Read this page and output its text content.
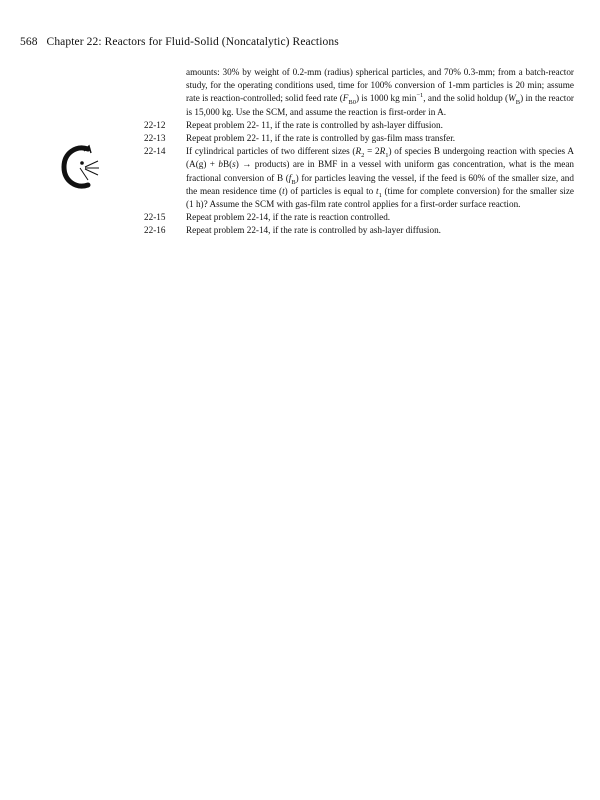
568 Chapter 22: Reactors for Fluid-Solid (Noncatalytic) Reactions
amounts: 30% by weight of 0.2-mm (radius) spherical particles, and 70% 0.3-mm; from a batch-reactor study, for the operating conditions used, time for 100% conversion of 1-mm particles is 20 min; assume rate is reaction-controlled; solid feed rate $(F_{B0})$ is 1000 kg $\min^{-1}$, and the solid holdup $(W_B)$ in the reactor is 15,000 kg. Use the SCM, and assume the reaction is first-order in A.
22-12	Repeat problem 22- 11, if the rate is controlled by ash-layer diffusion.
22-13	Repeat problem 22- 11, if the rate is controlled by gas-film mass transfer.
22-14	If cylindrical particles of two different sizes $(R_2 = 2R_1)$ of species B undergoing reaction with species A (A(g) + bB(s) → products) are in BMF in a vessel with uniform gas concentration, what is the mean fractional conversion of B $(f_B)$ for particles leaving the vessel, if the feed is 60% of the smaller size, and the mean residence time (t) of particles is equal to $t_1$ (time for complete conversion) for the smaller size (1 h)? Assume the SCM with gas-film rate control applies for a first-order surface reaction.
22-15	Repeat problem 22-14, if the rate is reaction controlled.
22-16	Repeat problem 22-14, if the rate is controlled by ash-layer diffusion.
